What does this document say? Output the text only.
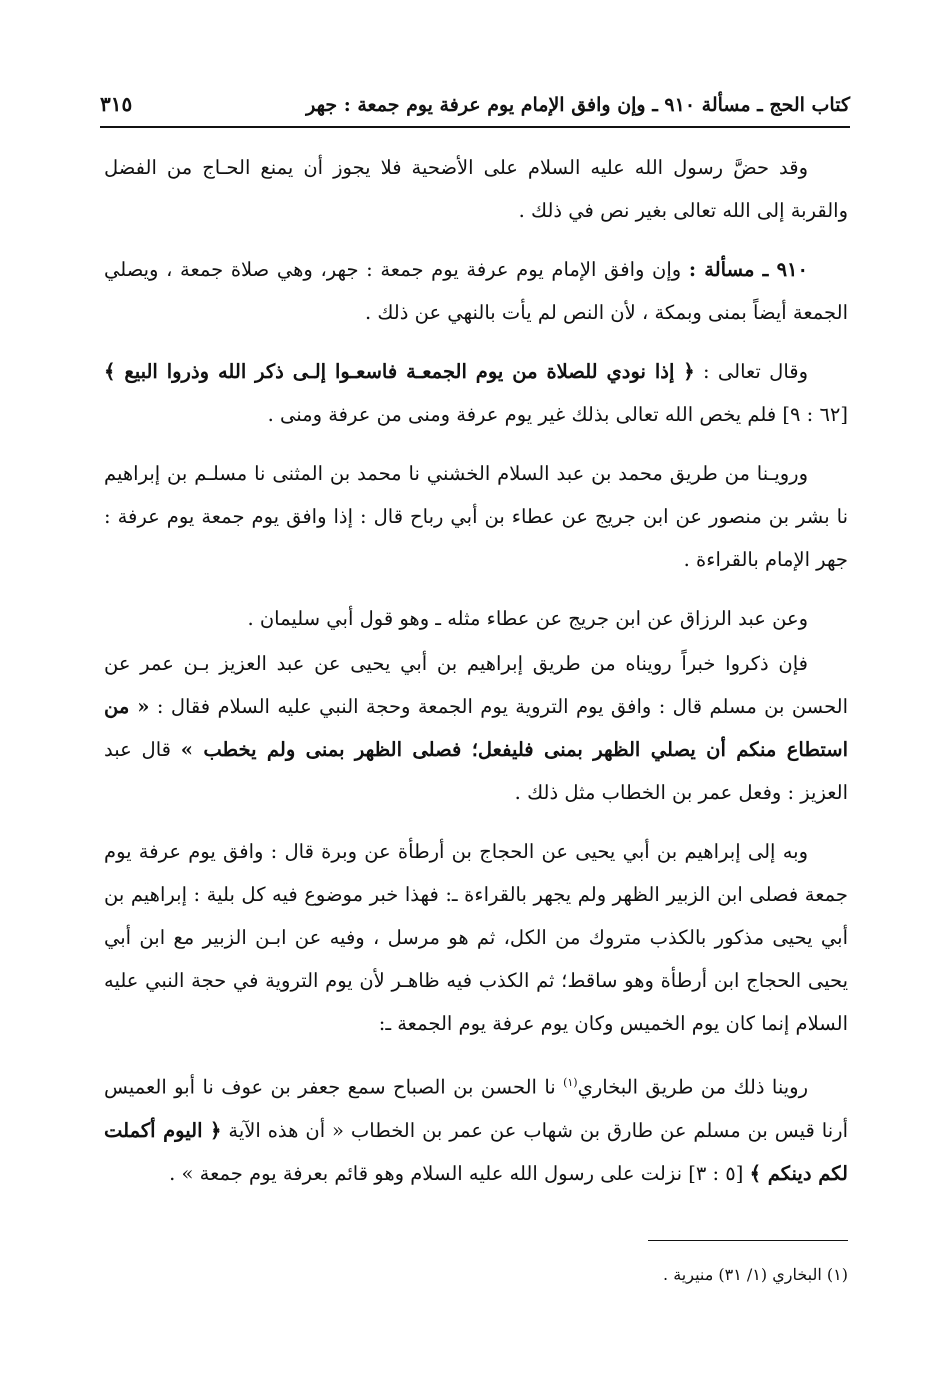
كتاب الحج ـ مسألة ٩١٠ ـ وإن وافق الإمام يوم عرفة يوم جمعة : جهر
٣١٥

وقد حضَّ رسول الله عليه السلام على الأضحية فلا يجوز أن يمنع الحـاج من الفضل والقربة إلى الله تعالى بغير نص في ذلك .

٩١٠ ـ مسألة : وإن وافق الإمام يوم عرفة يوم جمعة : جهر، وهي صلاة جمعة ، ويصلي الجمعة أيضاً بمنى وبمكة ، لأن النص لم يأت بالنهي عن ذلك .

وقال تعالى : ﴿ إذا نودي للصلاة من يوم الجمعـة فاسعـوا إلـى ذكر الله وذروا البيع ﴾ [٦٢ : ٩] فلم يخص الله تعالى بذلك غير يوم عرفة ومنى من عرفة ومنى .

ورويـنا من طريق محمد بن عبد السلام الخشني نا محمد بن المثنى نا مسلـم بن إبراهيم نا بشر بن منصور عن ابن جريج عن عطاء بن أبي رباح قال : إذا وافق يوم جمعة يوم عرفة : جهر الإمام بالقراءة .

وعن عبد الرزاق عن ابن جريج عن عطاء مثله ـ وهو قول أبي سليمان .

فإن ذكروا خبراً رويناه من طريق إبراهيم بن أبي يحيى عن عبد العزيز بـن عمر عن الحسن بن مسلم قال : وافق يوم التروية يوم الجمعة وحجة النبي عليه السلام فقال : « من استطاع منكم أن يصلي الظهر بمنى فليفعل؛ فصلى الظهر بمنى ولم يخطب » قال عبد العزيز : وفعل عمر بن الخطاب مثل ذلك .

وبه إلى إبراهيم بن أبي يحيى عن الحجاج بن أرطأة عن وبرة قال : وافق يوم عرفة يوم جمعة فصلى ابن الزبير الظهر ولم يجهر بالقراءة ـ: فهذا خبر موضوع فيه كل بلية : إبراهيم بن أبي يحيى مذكور بالكذب متروك من الكل، ثم هو مرسل ، وفيه عن ابـن الزبير مع ابن أبي يحيى الحجاج ابن أرطأة وهو ساقط؛ ثم الكذب فيه ظاهـر لأن يوم التروية في حجة النبي عليه السلام إنما كان يوم الخميس وكان يوم عرفة يوم الجمعة ـ:

روينا ذلك من طريق البخاري$^{(١)}$ نا الحسن بن الصباح سمع جعفر بن عوف نا أبو العميس أرنا قيس بن مسلم عن طارق بن شهاب عن عمر بن الخطاب « أن هذه الآية ﴿ اليوم أكملت لكم دينكم ﴾ [٥ : ٣] نزلت على رسول الله عليه السلام وهو قائم بعرفة يوم جمعة » .

(١) البخاري (١/ ٣١) منيرية .
